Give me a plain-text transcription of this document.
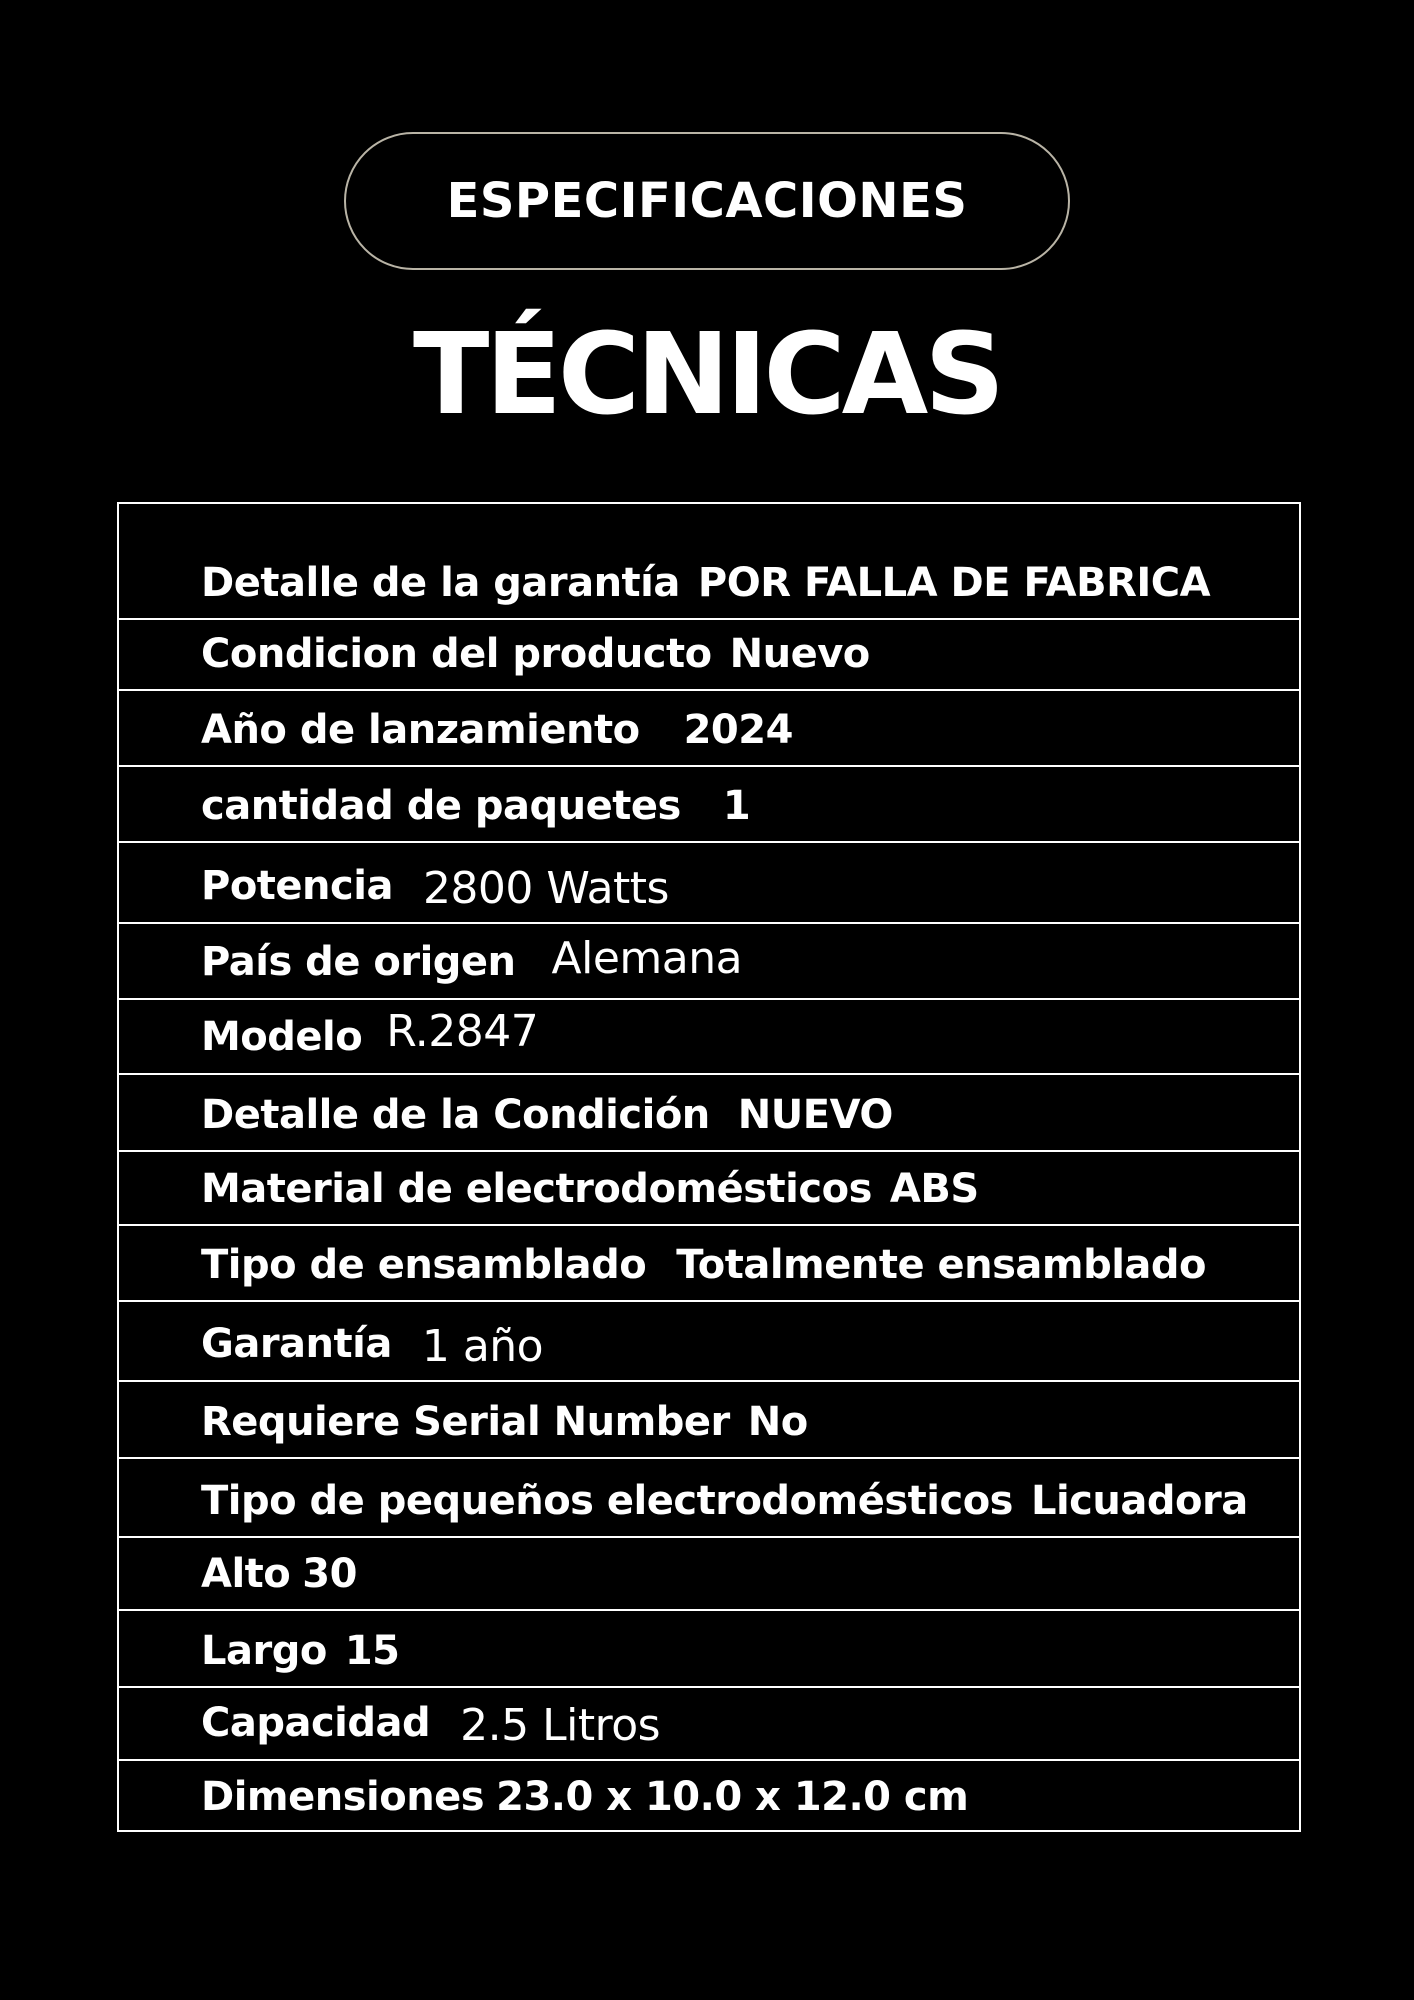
ESPECIFICACIONES
TÉCNICAS
Detalle de la garantía POR FALLA DE FABRICA
Condicion del producto Nuevo
Año de lanzamiento 2024
cantidad de paquetes 1
Potencia 2800 Watts
País de origen Alemana
Modelo R.2847
Detalle de la Condición NUEVO
Material de electrodomésticos ABS
Tipo de ensamblado Totalmente ensamblado
Garantía 1 año
Requiere Serial Number No
Tipo de pequeños electrodomésticos Licuadora
Alto 30
Largo 15
Capacidad 2.5 Litros
Dimensiones 23.0 x 10.0 x 12.0 cm
